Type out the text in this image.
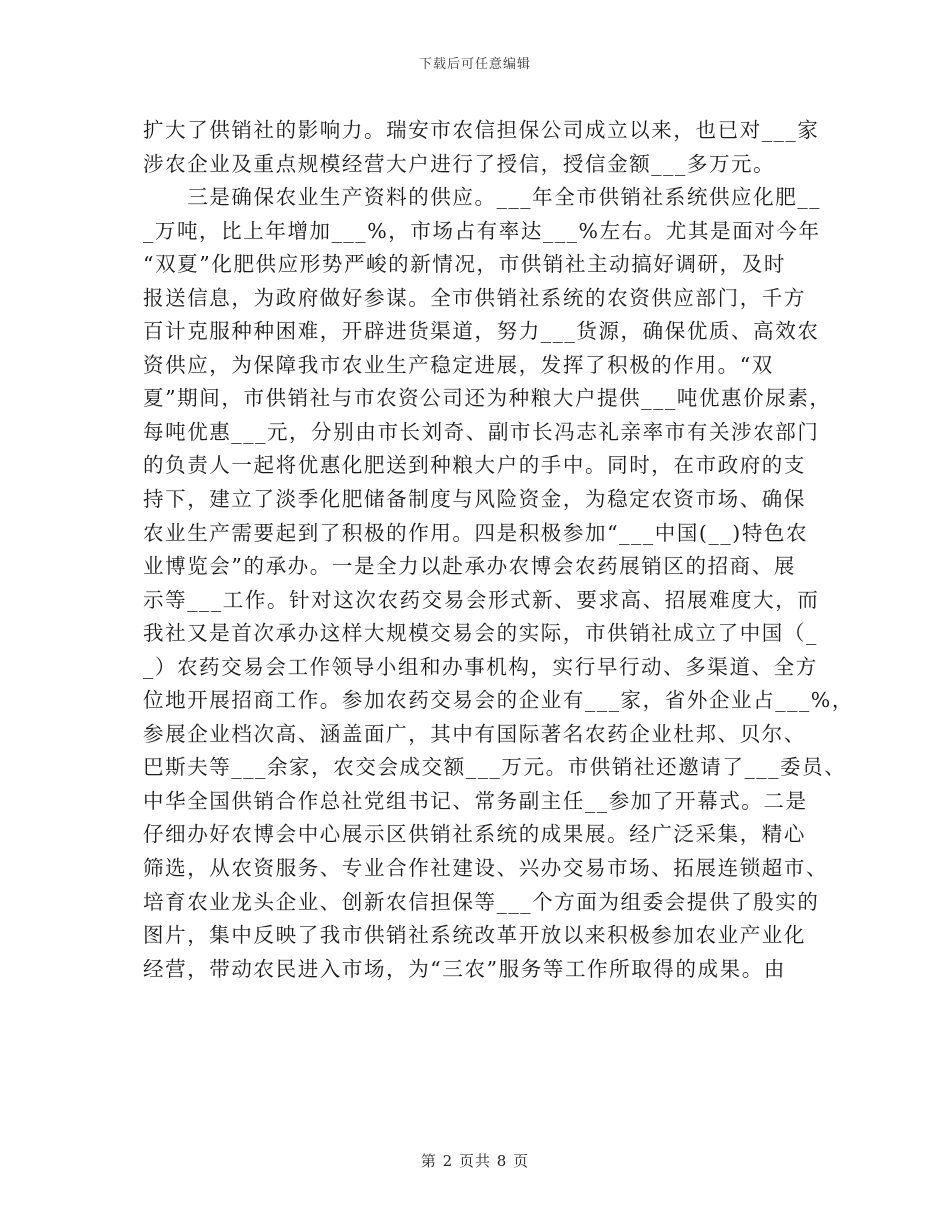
下载后可任意编辑
扩大了供销社的影响力。瑞安市农信担保公司成立以来，也已对___家
涉农企业及重点规模经营大户进行了授信，授信金额___多万元。
　　三是确保农业生产资料的供应。___年全市供销社系统供应化肥__
_万吨，比上年增加___%，市场占有率达___%左右。尤其是面对今年
“双夏”化肥供应形势严峻的新情况，市供销社主动搞好调研，及时
报送信息，为政府做好参谋。全市供销社系统的农资供应部门，千方
百计克服种种困难，开辟进货渠道，努力___货源，确保优质、高效农
资供应，为保障我市农业生产稳定进展，发挥了积极的作用。“双
夏”期间，市供销社与市农资公司还为种粮大户提供___吨优惠价尿素，
每吨优惠___元，分别由市长刘奇、副市长冯志礼亲率市有关涉农部门
的负责人一起将优惠化肥送到种粮大户的手中。同时，在市政府的支
持下，建立了淡季化肥储备制度与风险资金，为稳定农资市场、确保
农业生产需要起到了积极的作用。四是积极参加“___中国(__)特色农
业博览会”的承办。一是全力以赴承办农博会农药展销区的招商、展
示等___工作。针对这次农药交易会形式新、要求高、招展难度大，而
我社又是首次承办这样大规模交易会的实际，市供销社成立了中国（_
_）农药交易会工作领导小组和办事机构，实行早行动、多渠道、全方
位地开展招商工作。参加农药交易会的企业有___家，省外企业占___%，
参展企业档次高、涵盖面广，其中有国际著名农药企业杜邦、贝尔、
巴斯夫等___余家，农交会成交额___万元。市供销社还邀请了___委员、
中华全国供销合作总社党组书记、常务副主任__参加了开幕式。二是
仔细办好农博会中心展示区供销社系统的成果展。经广泛采集，精心
筛选，从农资服务、专业合作社建设、兴办交易市场、拓展连锁超市、
培育农业龙头企业、创新农信担保等___个方面为组委会提供了殷实的
图片，集中反映了我市供销社系统改革开放以来积极参加农业产业化
经营，带动农民进入市场，为“三农”服务等工作所取得的成果。由
第 2 页共 8 页
